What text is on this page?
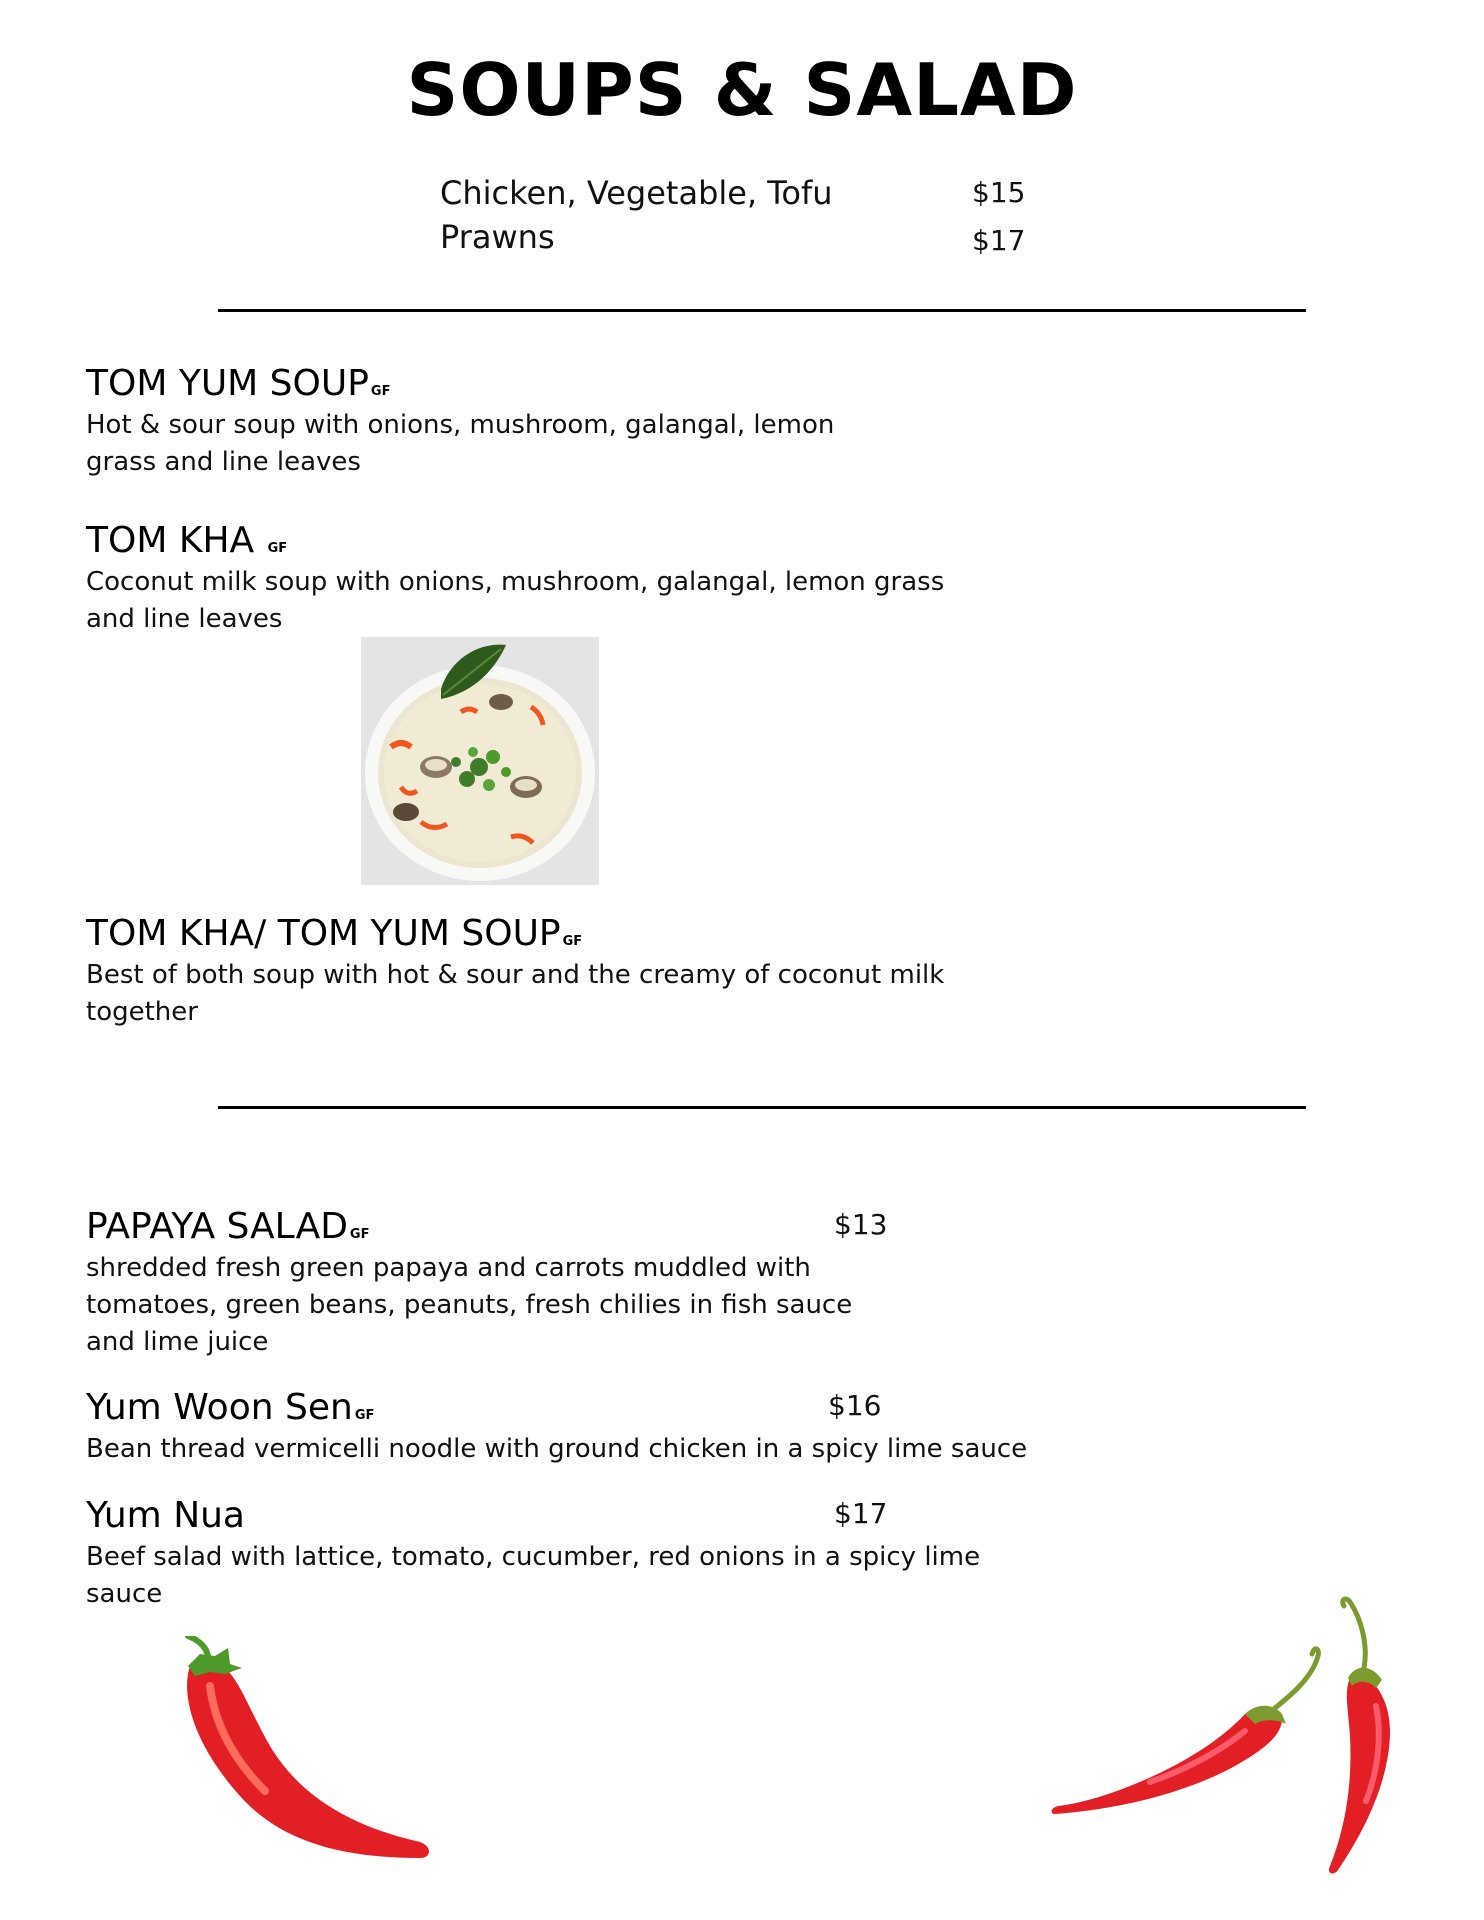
SOUPS & SALAD
Chicken, Vegetable, Tofu	$15
Prawns	$17
TOM YUM SOUP GF
Hot & sour soup with onions, mushroom, galangal, lemon grass and line leaves
TOM KHA GF
Coconut milk soup with onions, mushroom, galangal, lemon grass and line leaves
TOM KHA/ TOM YUM SOUP GF
Best of both soup with hot & sour and the creamy of coconut milk together
PAPAYA SALAD GF	$13
shredded fresh green papaya and carrots muddled with tomatoes, green beans, peanuts, fresh chilies in fish sauce and lime juice
Yum Woon Sen GF	$16
Bean thread vermicelli noodle with ground chicken in a spicy lime sauce
Yum Nua	$17
Beef salad with lattice, tomato, cucumber, red onions in a spicy lime sauce
